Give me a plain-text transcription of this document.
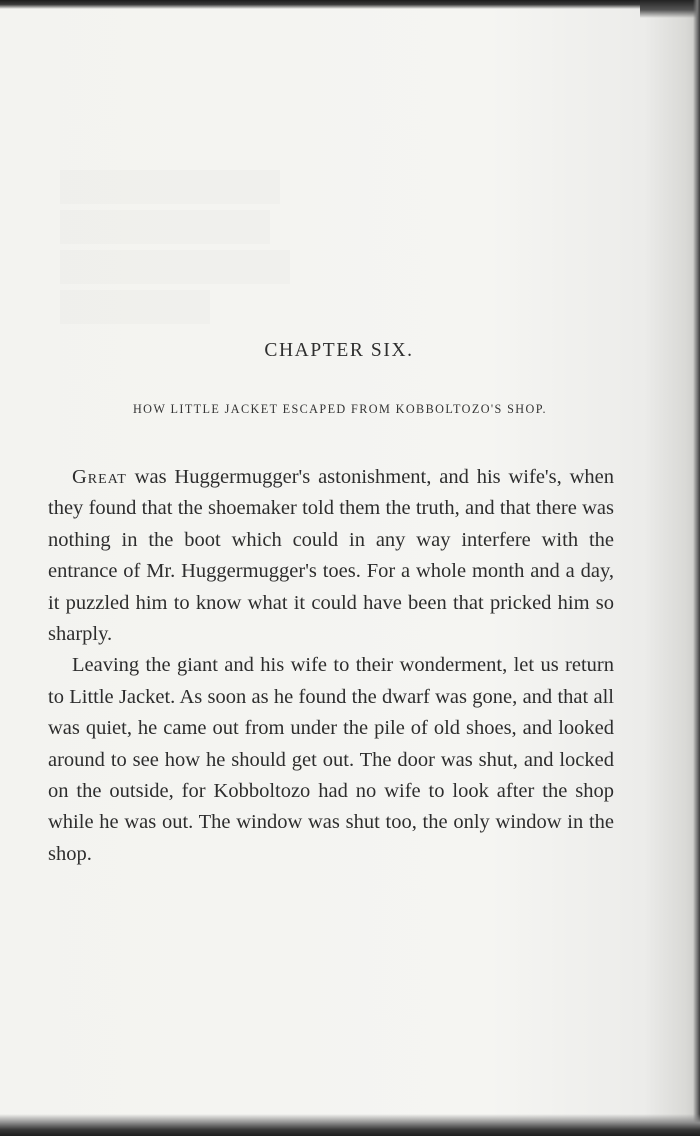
CHAPTER SIX.
HOW LITTLE JACKET ESCAPED FROM KOBBOLTOZO'S SHOP.

Great was Huggermugger's astonishment, and his wife's, when they found that the shoemaker told them the truth, and that there was nothing in the boot which could in any way interfere with the entrance of Mr. Huggermugger's toes. For a whole month and a day, it puzzled him to know what it could have been that pricked him so sharply.

Leaving the giant and his wife to their wonderment, let us return to Little Jacket. As soon as he found the dwarf was gone, and that all was quiet, he came out from under the pile of old shoes, and looked around to see how he should get out. The door was shut, and locked on the outside, for Kobboltozo had no wife to look after the shop while he was out. The window was shut too, the only window in the shop.
